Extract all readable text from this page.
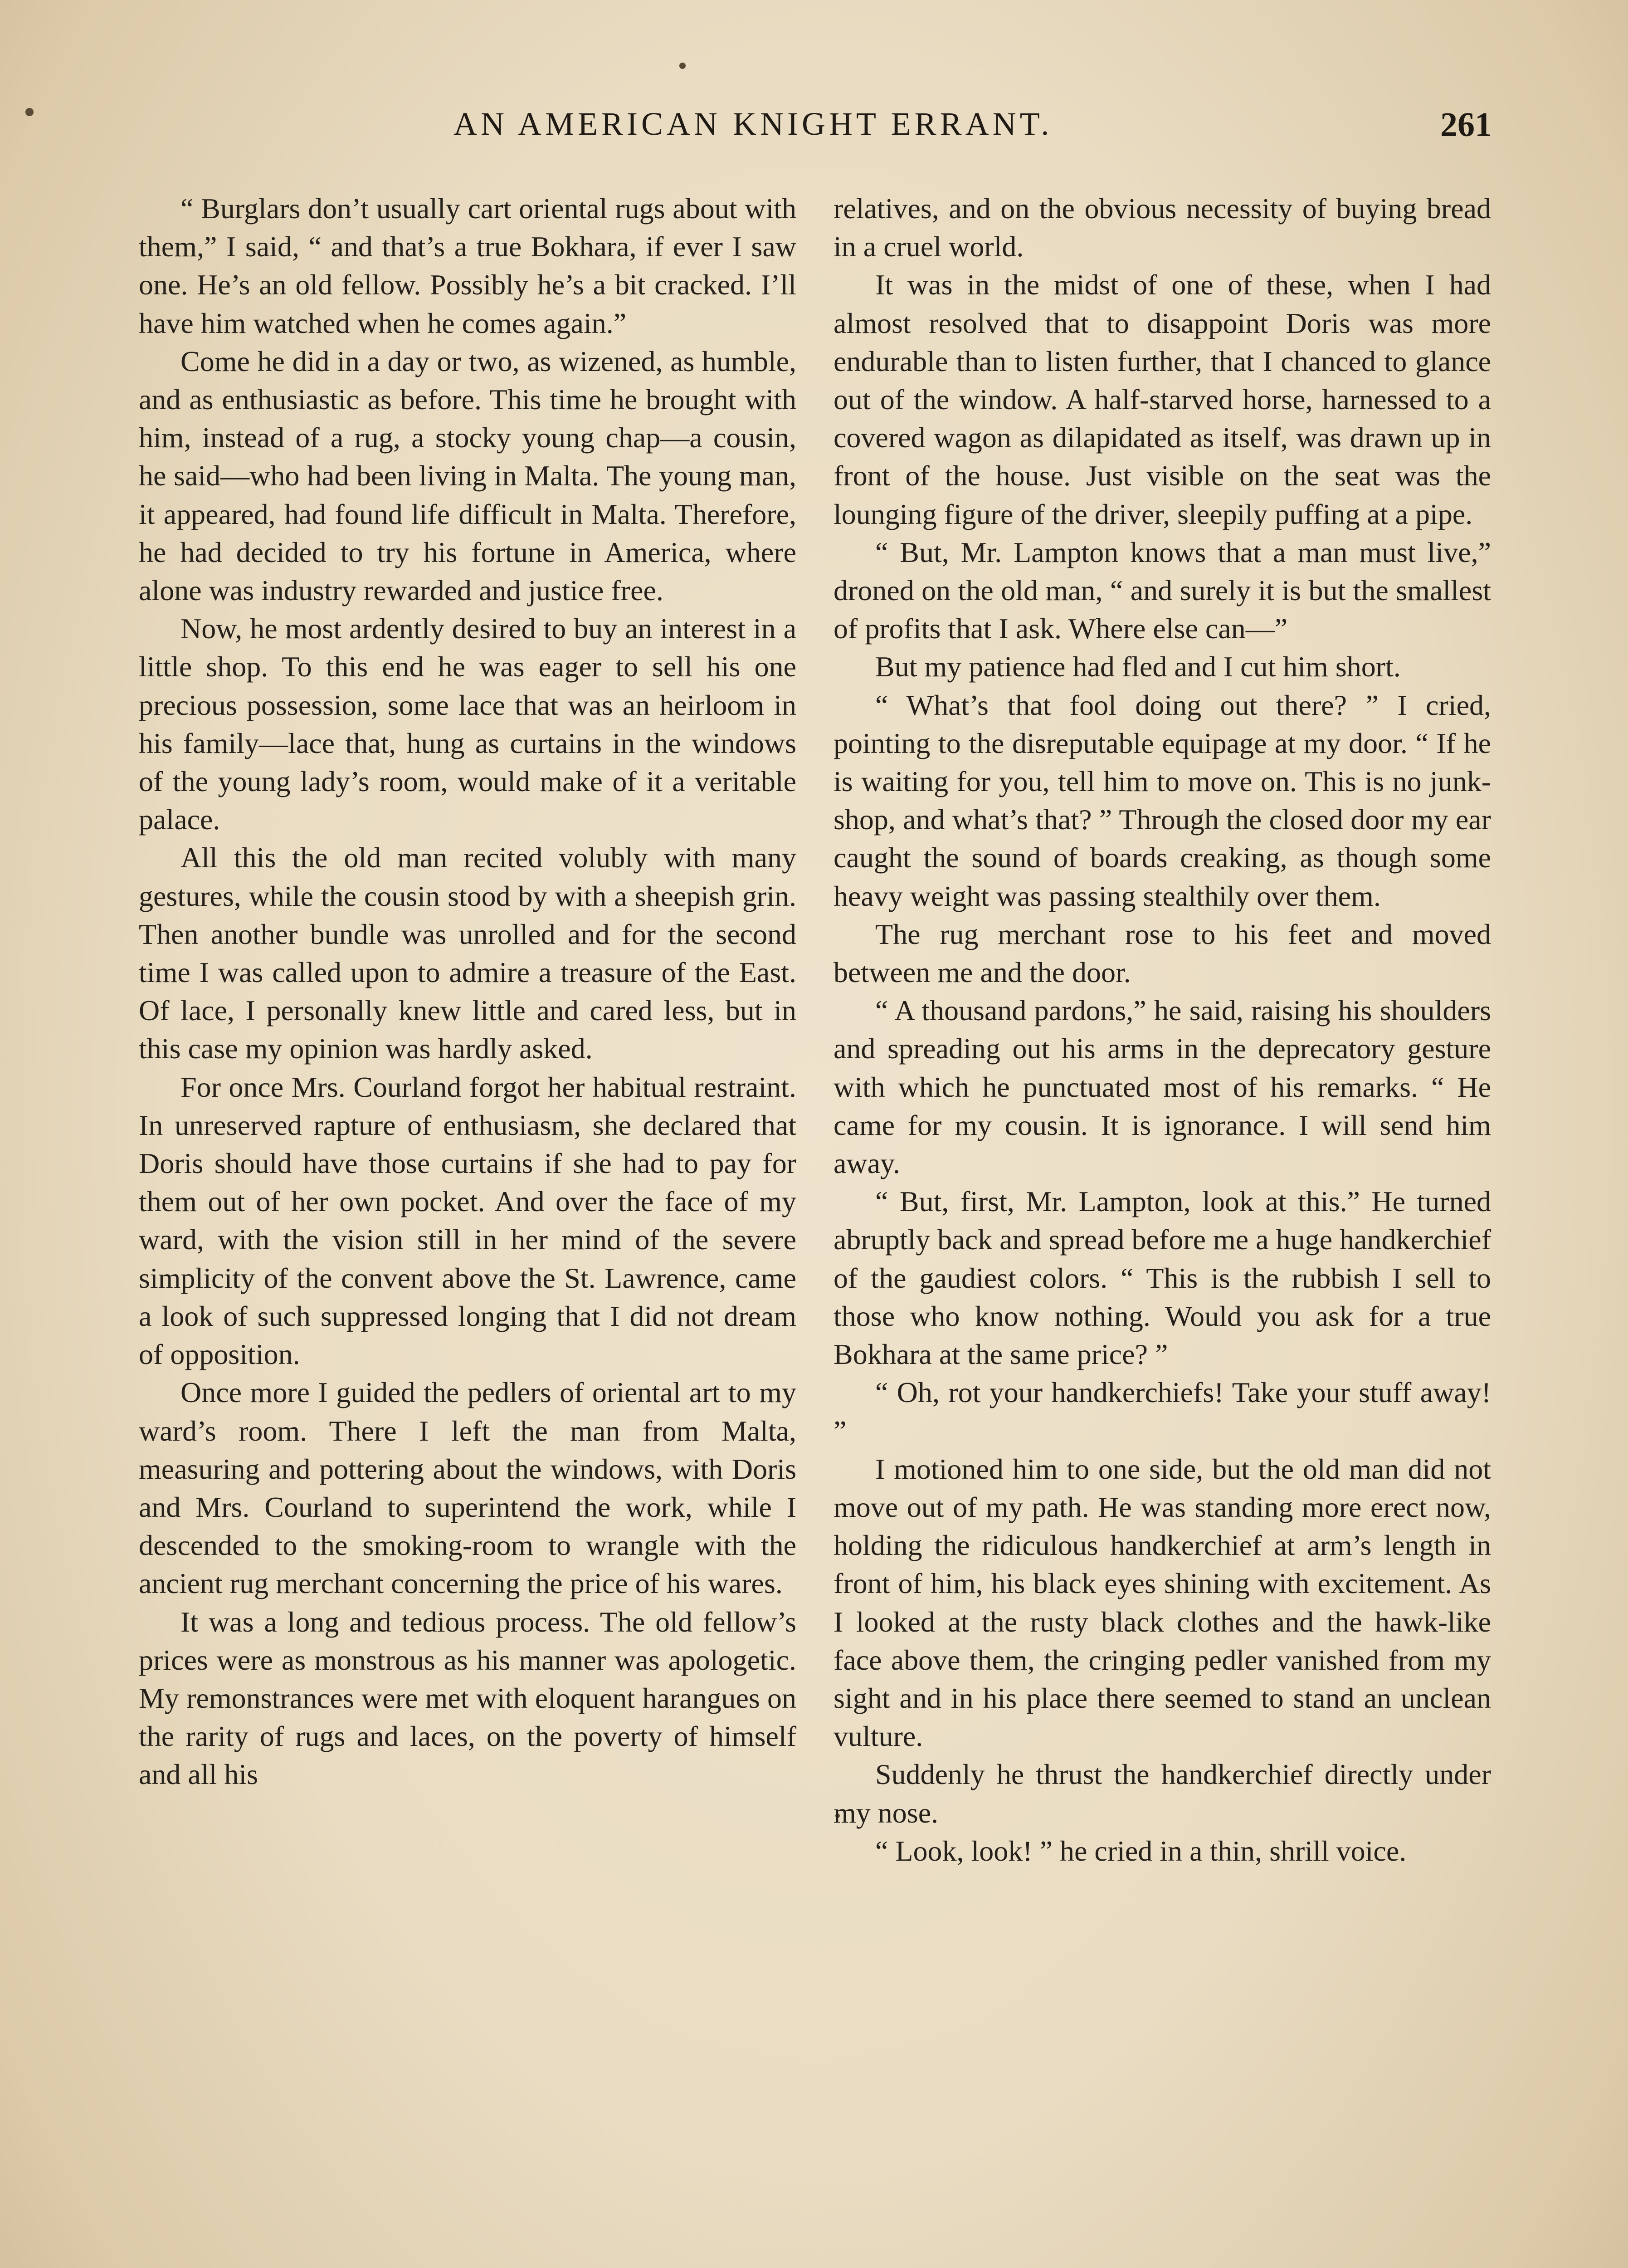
AN AMERICAN KNIGHT ERRANT.	261

“ Burglars don’t usually cart oriental rugs about with them,” I said, “ and that’s a true Bokhara, if ever I saw one. He’s an old fellow. Possibly he’s a bit cracked. I’ll have him watched when he comes again.”

Come he did in a day or two, as wizened, as humble, and as enthusiastic as before. This time he brought with him, instead of a rug, a stocky young chap—a cousin, he said—who had been living in Malta. The young man, it appeared, had found life difficult in Malta. Therefore, he had decided to try his fortune in America, where alone was industry rewarded and justice free.

Now, he most ardently desired to buy an interest in a little shop. To this end he was eager to sell his one precious possession, some lace that was an heirloom in his family—lace that, hung as curtains in the windows of the young lady’s room, would make of it a veritable palace.

All this the old man recited volubly with many gestures, while the cousin stood by with a sheepish grin. Then another bundle was unrolled and for the second time I was called upon to admire a treasure of the East. Of lace, I personally knew little and cared less, but in this case my opinion was hardly asked.

For once Mrs. Courland forgot her habitual restraint. In unreserved rapture of enthusiasm, she declared that Doris should have those curtains if she had to pay for them out of her own pocket. And over the face of my ward, with the vision still in her mind of the severe simplicity of the convent above the St. Lawrence, came a look of such suppressed longing that I did not dream of opposition.

Once more I guided the pedlers of oriental art to my ward’s room. There I left the man from Malta, measuring and pottering about the windows, with Doris and Mrs. Courland to superintend the work, while I descended to the smoking-room to wrangle with the ancient rug merchant concerning the price of his wares.

It was a long and tedious process. The old fellow’s prices were as monstrous as his manner was apologetic. My remonstrances were met with eloquent harangues on the rarity of rugs and laces, on the poverty of himself and all his

relatives, and on the obvious necessity of buying bread in a cruel world.

It was in the midst of one of these, when I had almost resolved that to disappoint Doris was more endurable than to listen further, that I chanced to glance out of the window. A half-starved horse, harnessed to a covered wagon as dilapidated as itself, was drawn up in front of the house. Just visible on the seat was the lounging figure of the driver, sleepily puffing at a pipe.

“ But, Mr. Lampton knows that a man must live,” droned on the old man, “ and surely it is but the smallest of profits that I ask. Where else can—”

But my patience had fled and I cut him short.

“ What’s that fool doing out there? ” I cried, pointing to the disreputable equipage at my door. “ If he is waiting for you, tell him to move on. This is no junk-shop, and what’s that? ” Through the closed door my ear caught the sound of boards creaking, as though some heavy weight was passing stealthily over them.

The rug merchant rose to his feet and moved between me and the door.

“ A thousand pardons,” he said, raising his shoulders and spreading out his arms in the deprecatory gesture with which he punctuated most of his remarks. “ He came for my cousin. It is ignorance. I will send him away.

“ But, first, Mr. Lampton, look at this.” He turned abruptly back and spread before me a huge handkerchief of the gaudiest colors. “ This is the rubbish I sell to those who know nothing. Would you ask for a true Bokhara at the same price? ”

“ Oh, rot your handkerchiefs! Take your stuff away! ”

I motioned him to one side, but the old man did not move out of my path. He was standing more erect now, holding the ridiculous handkerchief at arm’s length in front of him, his black eyes shining with excitement. As I looked at the rusty black clothes and the hawk-like face above them, the cringing pedler vanished from my sight and in his place there seemed to stand an unclean vulture.

Suddenly he thrust the handkerchief directly under my nose.

“ Look, look! ” he cried in a thin, shrill voice.
